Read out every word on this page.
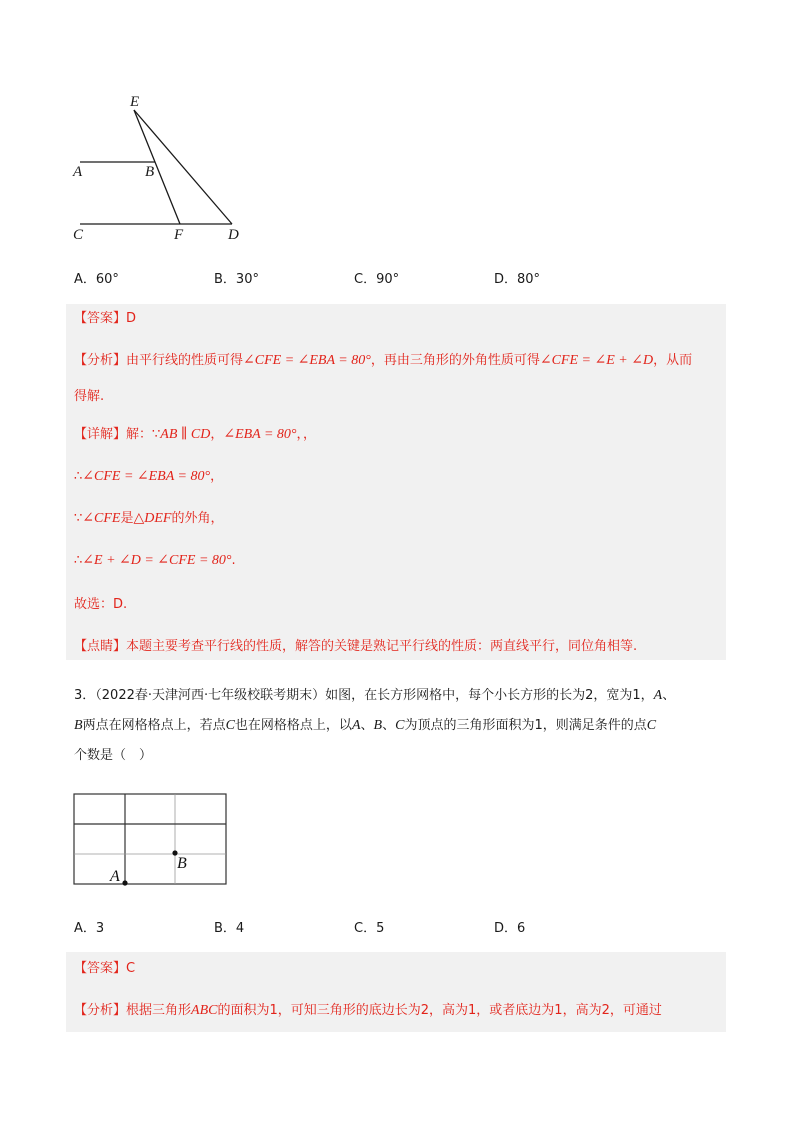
E
A	B
C	F	D
A．60°	B．30°	C．90°	D．80°
【答案】D
【分析】由平行线的性质可得∠CFE = ∠EBA = 80°，再由三角形的外角性质可得∠CFE = ∠E + ∠D，从而
得解.
【详解】解：∵AB ∥ CD，∠EBA = 80°，，
∴∠CFE = ∠EBA = 80°，
∵∠CFE是△DEF的外角，
∴∠E + ∠D = ∠CFE = 80°.
故选：D.
【点睛】本题主要考查平行线的性质，解答的关键是熟记平行线的性质：两直线平行，同位角相等.
3．（2022春·天津河西·七年级校联考期末）如图，在长方形网格中，每个小长方形的长为2，宽为1，A、
B两点在网格格点上，若点C也在网格格点上，以A、B、C为顶点的三角形面积为1，则满足条件的点C
个数是（　）
A
B
A．3	B．4	C．5	D．6
【答案】C
【分析】根据三角形ABC的面积为1，可知三角形的底边长为2，高为1，或者底边为1，高为2，可通过
